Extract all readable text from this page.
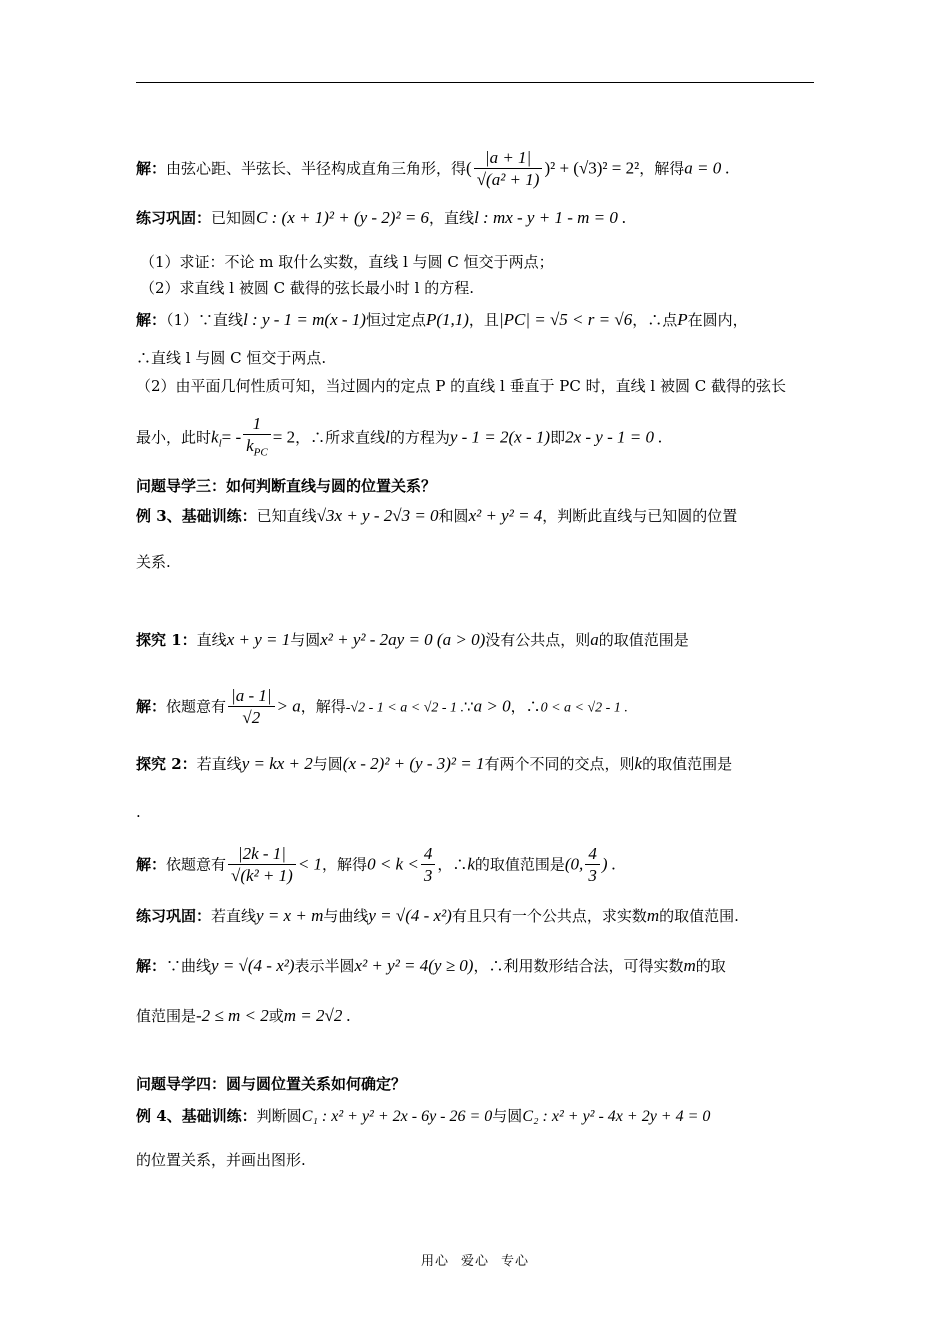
解：由弦心距、半弦长、半径构成直角三角形，得( $\frac{|a + 1|}{\text{√(a² + 1)}} )^2 + (√3)^2 = 2^2$，解得a = 0 .
练习巩固：已知圆C : (x + 1)² + (y - 2)² = 6，直线l : mx - y + 1 - m = 0 .
（1）求证：不论 m 取什么实数，直线 l 与圆 C 恒交于两点；
（2）求直线 l 被圆 C 截得的弦长最小时 l 的方程.
解：（1）∵直线l : y - 1 = m(x - 1)恒过定点P(1,1)，且|PC| = √5 < r = √6，∴点P在圆内，
∴直线 l 与圆 C 恒交于两点.
（2）由平面几何性质可知，当过圆内的定点 P 的直线 l 垂直于 PC 时，直线 l 被圆 C 截得的弦长
最小，此时$k_l= - \frac{1}{k_{PC}} = 2$，∴所求直线l的方程为y - 1 = 2(x - 1)即2x - y - 1 = 0 .
问题导学三：如何判断直线与圆的位置关系？
例 3、基础训练：已知直线√3x + y - 2√3 = 0和圆x² + y² = 4，判断此直线与已知圆的位置
关系.
探究 1：直线x + y = 1与圆x² + y² - 2ay = 0 (a > 0)没有公共点，则a的取值范围是
解：依题意有 $\frac{|a - 1|}{√2} > a$，解得-√2 - 1 < a < √2 - 1 .∵a > 0，∴0 < a < √2 - 1 .
探究 2：若直线y = kx + 2与圆(x - 2)² + (y - 3)² = 1有两个不同的交点，则k的取值范围是
.
解：依题意有 $\frac{|2k - 1|}{\text{√(k² + 1)}} < 1$，解得$0 < k < \frac{4}{3}$ ，∴k的取值范围是(0, $\frac{4}{3}$ ) .
练习巩固：若直线y = x + m与曲线y = √(4 - x²)有且只有一个公共点，求实数m的取值范围.
解：∵曲线y = √(4 - x²)表示半圆x² + y² = 4(y ≥ 0)，∴利用数形结合法，可得实数m的取
值范围是-2 ≤ m < 2或m = 2√2 .
问题导学四：圆与圆位置关系如何确定？
例 4、基础训练：判断圆C₁ : x² + y² + 2x - 6y - 26 = 0与圆C₂ : x² + y² - 4x + 2y + 4 = 0
的位置关系，并画出图形.
用心 爱心 专心
